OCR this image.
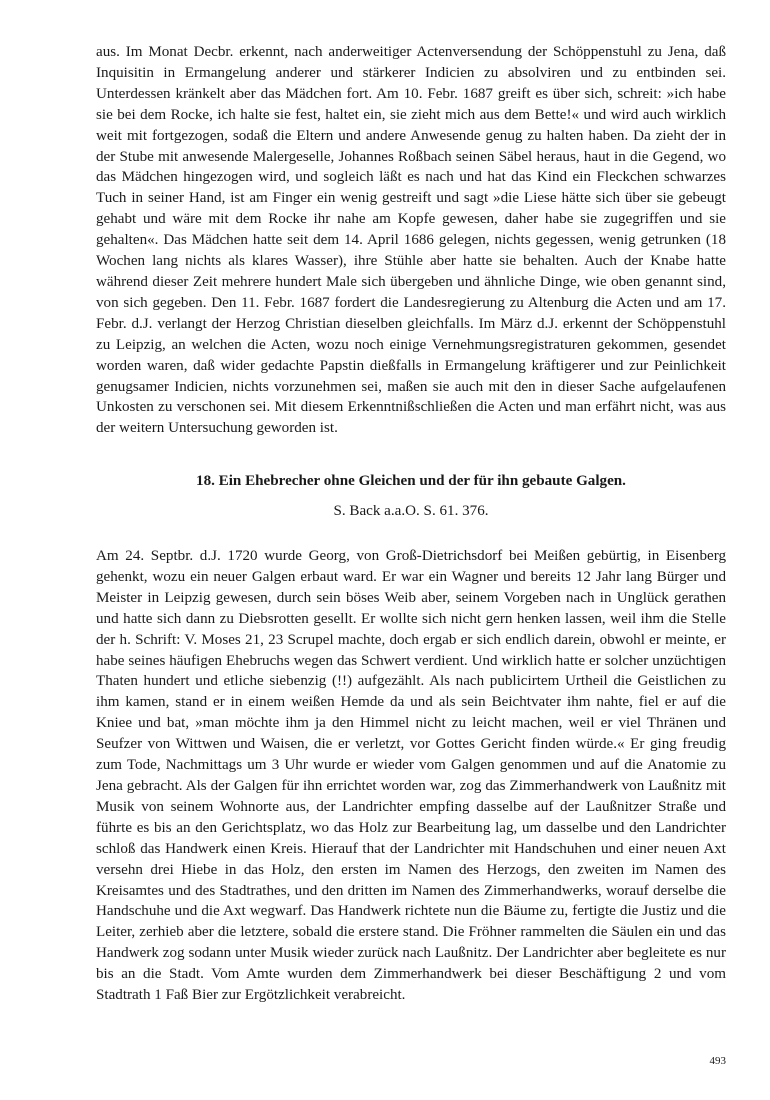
aus. Im Monat Decbr. erkennt, nach anderweitiger Actenversendung der Schöppenstuhl zu Jena, daß Inquisitin in Ermangelung anderer und stärkerer Indicien zu absolviren und zu entbinden sei. Unterdessen kränkelt aber das Mädchen fort. Am 10. Febr. 1687 greift es über sich, schreit: »ich habe sie bei dem Rocke, ich halte sie fest, haltet ein, sie zieht mich aus dem Bette!« und wird auch wirklich weit mit fortgezogen, sodaß die Eltern und andere Anwesende genug zu halten haben. Da zieht der in der Stube mit anwesende Malergeselle, Johannes Roßbach seinen Säbel heraus, haut in die Gegend, wo das Mädchen hingezogen wird, und sogleich läßt es nach und hat das Kind ein Fleckchen schwarzes Tuch in seiner Hand, ist am Finger ein wenig gestreift und sagt »die Liese hätte sich über sie gebeugt gehabt und wäre mit dem Rocke ihr nahe am Kopfe gewesen, daher habe sie zugegriffen und sie gehalten«. Das Mädchen hatte seit dem 14. April 1686 gelegen, nichts gegessen, wenig getrunken (18 Wochen lang nichts als klares Wasser), ihre Stühle aber hatte sie behalten. Auch der Knabe hatte während dieser Zeit mehrere hundert Male sich übergeben und ähnliche Dinge, wie oben genannt sind, von sich gegeben. Den 11. Febr. 1687 fordert die Landesregierung zu Altenburg die Acten und am 17. Febr. d.J. verlangt der Herzog Christian dieselben gleichfalls. Im März d.J. erkennt der Schöppenstuhl zu Leipzig, an welchen die Acten, wozu noch einige Vernehmungsregistraturen gekommen, gesendet worden waren, daß wider gedachte Papstin dießfalls in Ermangelung kräftigerer und zur Peinlichkeit genugsamer Indicien, nichts vorzunehmen sei, maßen sie auch mit den in dieser Sache aufgelaufenen Unkosten zu verschonen sei. Mit diesem Erkenntnißschließen die Acten und man erfährt nicht, was aus der weitern Untersuchung geworden ist.

18. Ein Ehebrecher ohne Gleichen und der für ihn gebaute Galgen.

S. Back a.a.O. S. 61. 376.

Am 24. Septbr. d.J. 1720 wurde Georg, von Groß-Dietrichsdorf bei Meißen gebürtig, in Eisenberg gehenkt, wozu ein neuer Galgen erbaut ward. Er war ein Wagner und bereits 12 Jahr lang Bürger und Meister in Leipzig gewesen, durch sein böses Weib aber, seinem Vorgeben nach in Unglück gerathen und hatte sich dann zu Diebsrotten gesellt. Er wollte sich nicht gern henken lassen, weil ihm die Stelle der h. Schrift: V. Moses 21, 23 Scrupel machte, doch ergab er sich endlich darein, obwohl er meinte, er habe seines häufigen Ehebruchs wegen das Schwert verdient. Und wirklich hatte er solcher unzüchtigen Thaten hundert und etliche siebenzig (!!) aufgezählt. Als nach publicirtem Urtheil die Geistlichen zu ihm kamen, stand er in einem weißen Hemde da und als sein Beichtvater ihm nahte, fiel er auf die Kniee und bat, »man möchte ihm ja den Himmel nicht zu leicht machen, weil er viel Thränen und Seufzer von Wittwen und Waisen, die er verletzt, vor Gottes Gericht finden würde.« Er ging freudig zum Tode, Nachmittags um 3 Uhr wurde er wieder vom Galgen genommen und auf die Anatomie zu Jena gebracht. Als der Galgen für ihn errichtet worden war, zog das Zimmerhandwerk von Laußnitz mit Musik von seinem Wohnorte aus, der Landrichter empfing dasselbe auf der Laußnitzer Straße und führte es bis an den Gerichtsplatz, wo das Holz zur Bearbeitung lag, um dasselbe und den Landrichter schloß das Handwerk einen Kreis. Hierauf that der Landrichter mit Handschuhen und einer neuen Axt versehn drei Hiebe in das Holz, den ersten im Namen des Herzogs, den zweiten im Namen des Kreisamtes und des Stadtrathes, und den dritten im Namen des Zimmerhandwerks, worauf derselbe die Handschuhe und die Axt wegwarf. Das Handwerk richtete nun die Bäume zu, fertigte die Justiz und die Leiter, zerhieb aber die letztere, sobald die erstere stand. Die Fröhner rammelten die Säulen ein und das Handwerk zog sodann unter Musik wieder zurück nach Laußnitz. Der Landrichter aber begleitete es nur bis an die Stadt. Vom Amte wurden dem Zimmerhandwerk bei dieser Beschäftigung 2 und vom Stadtrath 1 Faß Bier zur Ergötzlichkeit verabreicht.

493
